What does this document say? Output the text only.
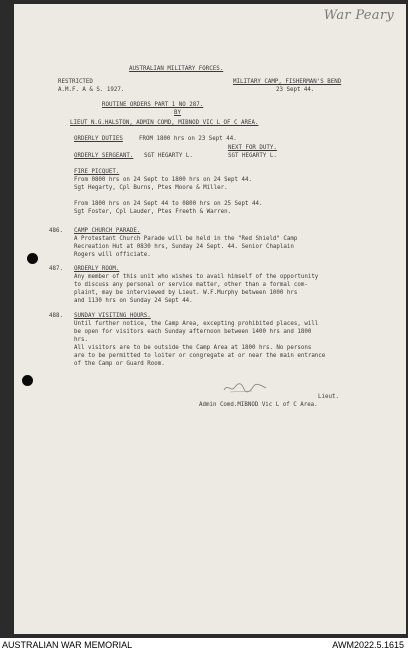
War Peary
AUSTRALIAN MILITARY FORCES.
RESTRICTED
A.M.F. A & S. 1927.
MILITARY CAMP, FISHERMAN'S BEND
23 Sept 44.
ROUTINE ORDERS PART 1 NO 287.
BY
LIEUT N.G.HALSTON, ADMIN COMD, MIBNOD VIC L OF C AREA.
ORDERLY DUTIES	FROM 1800 hrs on 23 Sept 44.
NEXT FOR DUTY.
ORDERLY SERGEANT. SGT HEGARTY L.	SGT HEGARTY L.
FIRE PICQUET.
From 0800 hrs on 24 Sept to 1800 hrs on 24 Sept 44.
Sgt Hegarty, Cpl Burns, Ptes Moore & Miller.
From 1800 hrs on 24 Sept 44 to 0800 hrs on 25 Sept 44.
Sgt Foster, Cpl Lauder, Ptes Freeth & Warren.
486. CAMP CHURCH PARADE.
A Protestant Church Parade will be held in the "Red Shield" Camp
Recreation Hut at 0830 hrs, Sunday 24 Sept. 44. Senior Chaplain
Rogers will officiate.
487. ORDERLY ROOM.
Any member of this unit who wishes to avail himself of the opportunity
to discuss any personal or service matter, other than a formal com-
plaint, may be interviewed by Lieut. W.F.Murphy between 1000 hrs
and 1130 hrs on Sunday 24 Sept 44.
488. SUNDAY VISITING HOURS.
Until further notice, the Camp Area, excepting prohibited places, will
be open for visitors each Sunday afternoon between 1400 hrs and 1800
hrs.
All visitors are to be outside the Camp Area at 1800 hrs. No persons
are to be permitted to loiter or congregate at or near the main entrance
of the Camp or Guard Room.
Lieut.
Admin Comd.MIBNOD Vic L of C Area.
AUSTRALIAN WAR MEMORIAL	AWM2022.5.1615
